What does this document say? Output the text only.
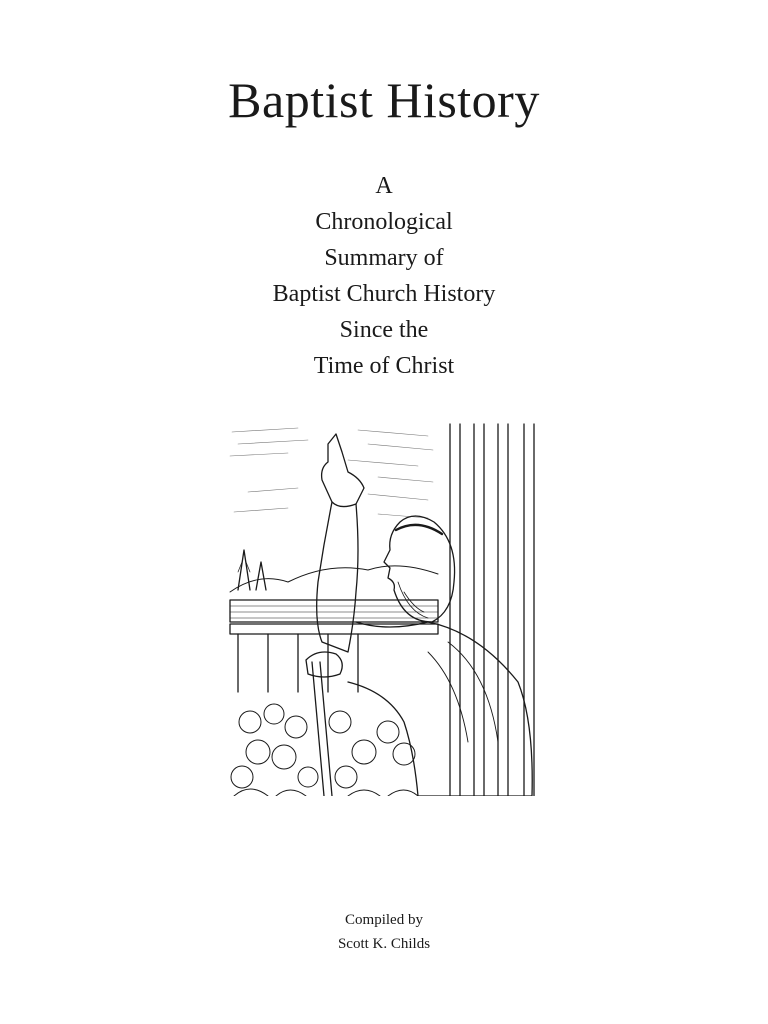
Baptist History
A
Chronological
Summary of
Baptist Church History
Since the
Time of Christ
Compiled by
Scott K. Childs
